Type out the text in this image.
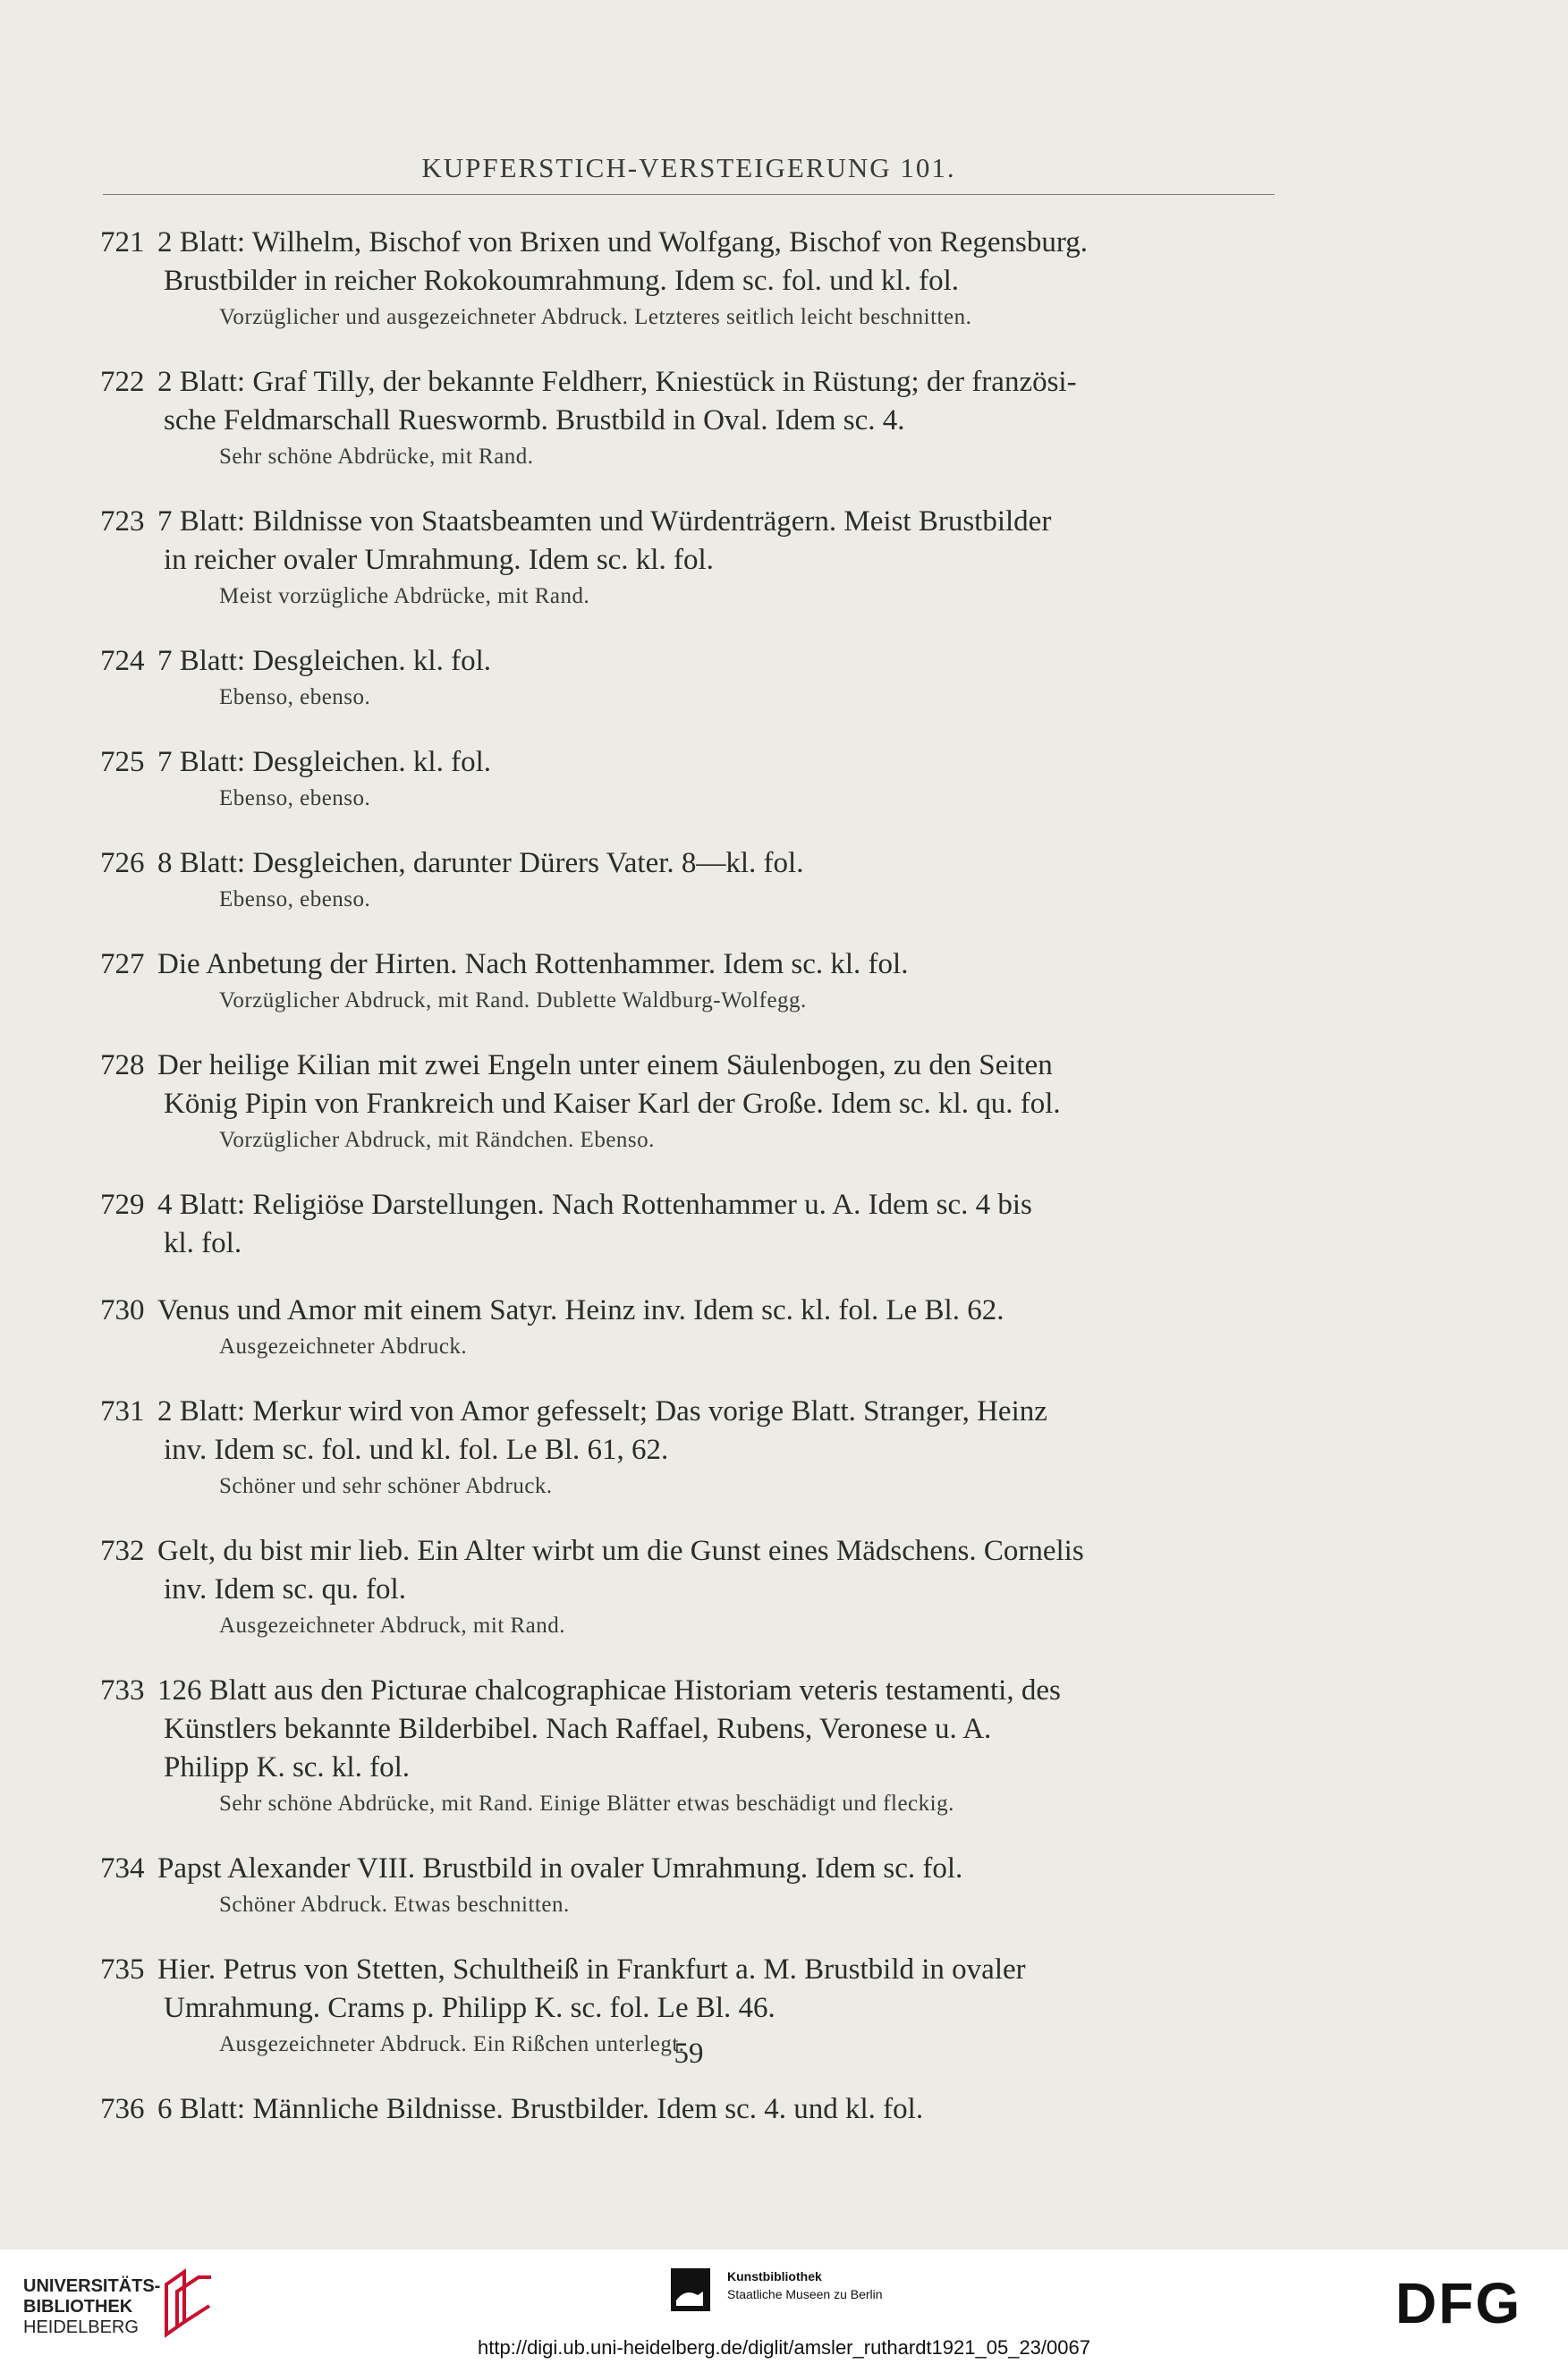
KUPFERSTICH-VERSTEIGERUNG 101.
721 2 Blatt: Wilhelm, Bischof von Brixen und Wolfgang, Bischof von Regensburg.
Brustbilder in reicher Rokokoumrahmung. Idem sc. fol. und kl. fol.
Vorzüglicher und ausgezeichneter Abdruck. Letzteres seitlich leicht beschnitten.
722 2 Blatt: Graf Tilly, der bekannte Feldherr, Kniestück in Rüstung; der französi-
sche Feldmarschall Rueswormb. Brustbild in Oval. Idem sc. 4.
Sehr schöne Abdrücke, mit Rand.
723 7 Blatt: Bildnisse von Staatsbeamten und Würdenträgern. Meist Brustbilder
in reicher ovaler Umrahmung. Idem sc. kl. fol.
Meist vorzügliche Abdrücke, mit Rand.
724 7 Blatt: Desgleichen. kl. fol.
Ebenso, ebenso.
725 7 Blatt: Desgleichen. kl. fol.
Ebenso, ebenso.
726 8 Blatt: Desgleichen, darunter Dürers Vater. 8—kl. fol.
Ebenso, ebenso.
727 Die Anbetung der Hirten. Nach Rottenhammer. Idem sc. kl. fol.
Vorzüglicher Abdruck, mit Rand. Dublette Waldburg-Wolfegg.
728 Der heilige Kilian mit zwei Engeln unter einem Säulenbogen, zu den Seiten
König Pipin von Frankreich und Kaiser Karl der Große. Idem sc. kl. qu. fol.
Vorzüglicher Abdruck, mit Rändchen. Ebenso.
729 4 Blatt: Religiöse Darstellungen. Nach Rottenhammer u. A. Idem sc. 4 bis
kl. fol.
730 Venus und Amor mit einem Satyr. Heinz inv. Idem sc. kl. fol. Le Bl. 62.
Ausgezeichneter Abdruck.
731 2 Blatt: Merkur wird von Amor gefesselt; Das vorige Blatt. Stranger, Heinz
inv. Idem sc. fol. und kl. fol. Le Bl. 61, 62.
Schöner und sehr schöner Abdruck.
732 Gelt, du bist mir lieb. Ein Alter wirbt um die Gunst eines Mädschens. Cornelis
inv. Idem sc. qu. fol.
Ausgezeichneter Abdruck, mit Rand.
733 126 Blatt aus den Picturae chalcographicae Historiam veteris testamenti, des
Künstlers bekannte Bilderbibel. Nach Raffael, Rubens, Veronese u. A.
Philipp K. sc. kl. fol.
Sehr schöne Abdrücke, mit Rand. Einige Blätter etwas beschädigt und fleckig.
734 Papst Alexander VIII. Brustbild in ovaler Umrahmung. Idem sc. fol.
Schöner Abdruck. Etwas beschnitten.
735 Hier. Petrus von Stetten, Schultheiß in Frankfurt a. M. Brustbild in ovaler
Umrahmung. Crams p. Philipp K. sc. fol. Le Bl. 46.
Ausgezeichneter Abdruck. Ein Rißchen unterlegt.
736 6 Blatt: Männliche Bildnisse. Brustbilder. Idem sc. 4. und kl. fol.
59
UNIVERSITÄTS-
BIBLIOTHEK
HEIDELBERG
Kunstbibliothek
Staatliche Museen zu Berlin	DFG
http://digi.ub.uni-heidelberg.de/diglit/amsler_ruthardt1921_05_23/0067
